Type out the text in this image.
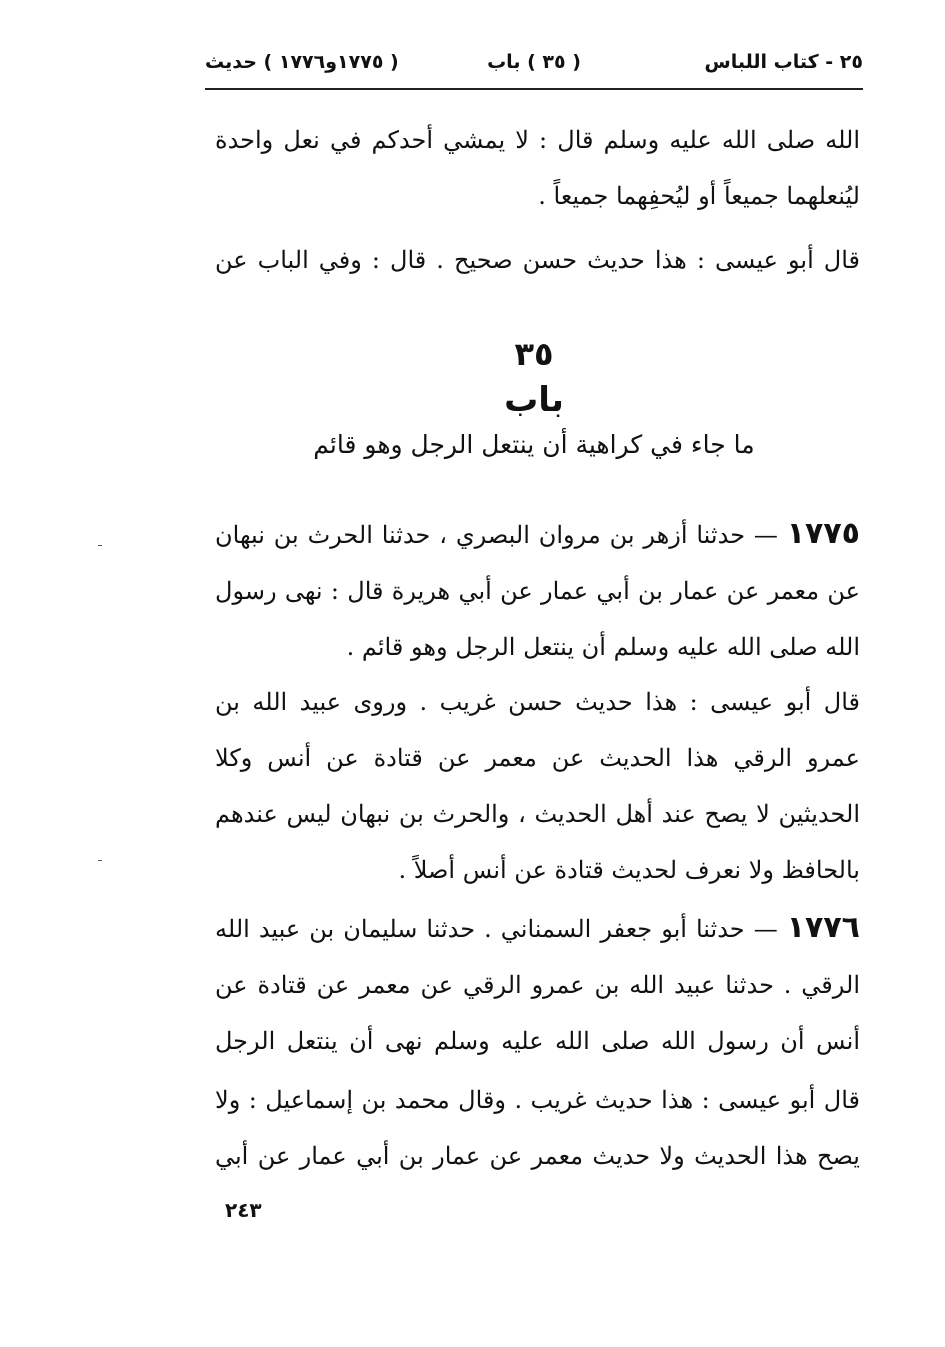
٢٥ - كتاب اللباس
( ٣٥ ) باب
( ١٧٧٥و١٧٧٦ ) حديث
الله صلى الله عليه وسلم قال : لا يمشي أحدكم في نعل واحدة ليُنعلهما جميعاً أو ليُحفِهما جميعاً .
قال أبو عيسى : هذا حديث حسن صحيح . قال : وفي الباب عن
٣٥
باب
ما جاء في كراهية أن ينتعل الرجل وهو قائم
١٧٧٥ — حدثنا أزهر بن مروان البصري ، حدثنا الحرث بن نبهان عن معمر عن عمار بن أبي عمار عن أبي هريرة قال : نهى رسول الله صلى الله عليه وسلم أن ينتعل الرجل وهو قائم .
قال أبو عيسى : هذا حديث حسن غريب . وروى عبيد الله بن عمرو الرقي هذا الحديث عن معمر عن قتادة عن أنس وكلا الحديثين لا يصح عند أهل الحديث ، والحرث بن نبهان ليس عندهم بالحافظ ولا نعرف لحديث قتادة عن أنس أصلاً .
١٧٧٦ — حدثنا أبو جعفر السمناني . حدثنا سليمان بن عبيد الله الرقي . حدثنا عبيد الله بن عمرو الرقي عن معمر عن قتادة عن أنس أن رسول الله صلى الله عليه وسلم نهى أن ينتعل الرجل
قال أبو عيسى : هذا حديث غريب . وقال محمد بن إسماعيل : ولا يصح هذا الحديث ولا حديث معمر عن عمار بن أبي عمار عن أبي
٢٤٣
